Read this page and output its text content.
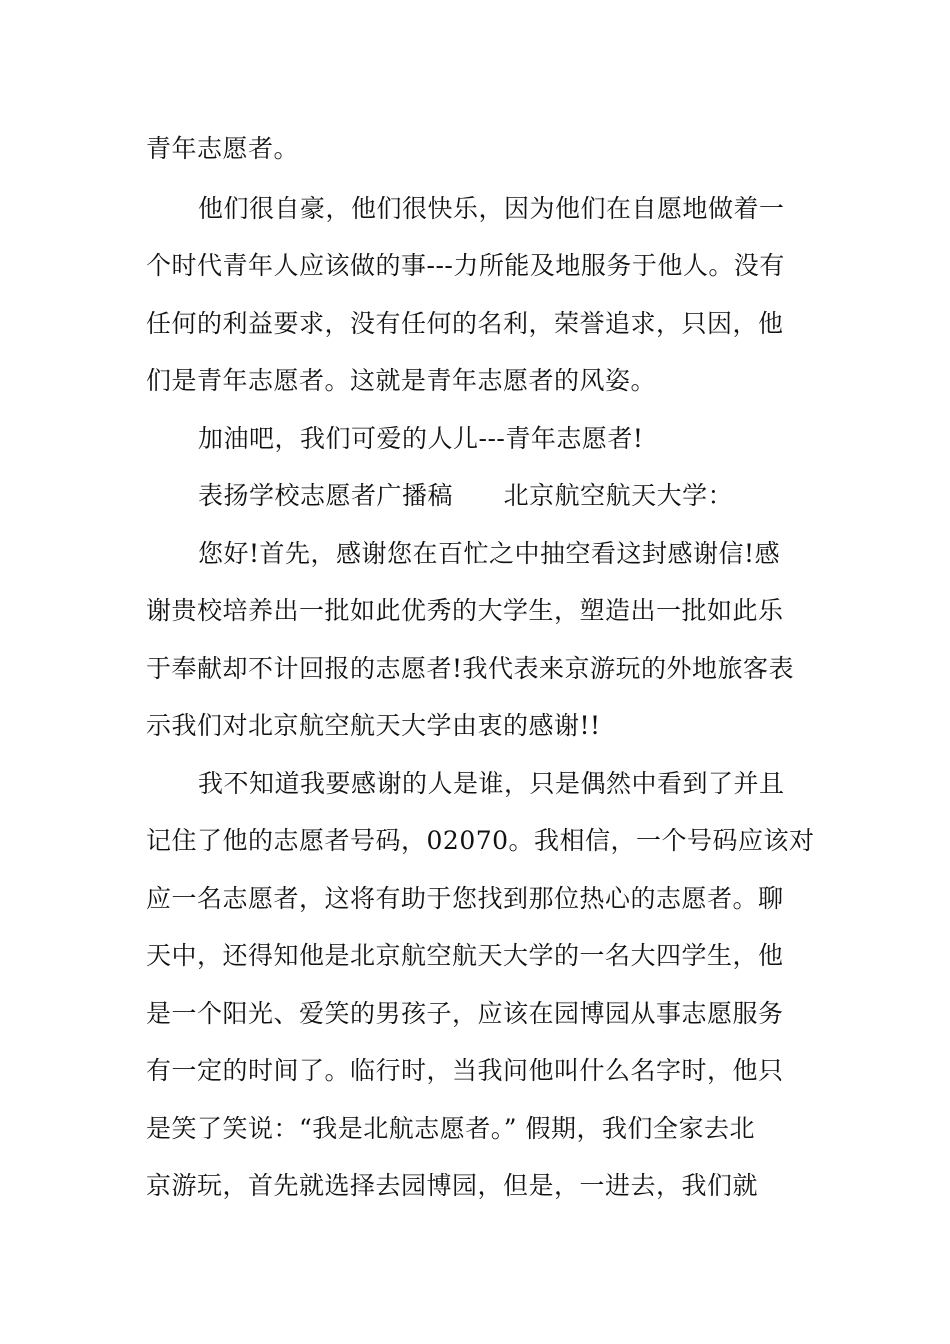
青年志愿者。
他们很自豪，他们很快乐，因为他们在自愿地做着一
个时代青年人应该做的事---力所能及地服务于他人。没有
任何的利益要求，没有任何的名利，荣誉追求，只因，他
们是青年志愿者。这就是青年志愿者的风姿。
加油吧，我们可爱的人儿---青年志愿者!
表扬学校志愿者广播稿      北京航空航天大学：
您好!首先，感谢您在百忙之中抽空看这封感谢信!感
谢贵校培养出一批如此优秀的大学生，塑造出一批如此乐
于奉献却不计回报的志愿者!我代表来京游玩的外地旅客表
示我们对北京航空航天大学由衷的感谢!!
我不知道我要感谢的人是谁，只是偶然中看到了并且
记住了他的志愿者号码，02070。我相信，一个号码应该对
应一名志愿者，这将有助于您找到那位热心的志愿者。聊
天中，还得知他是北京航空航天大学的一名大四学生，他
是一个阳光、爱笑的男孩子，应该在园博园从事志愿服务
有一定的时间了。临行时，当我问他叫什么名字时，他只
是笑了笑说：“我是北航志愿者。” 假期，我们全家去北
京游玩，首先就选择去园博园，但是，一进去，我们就
